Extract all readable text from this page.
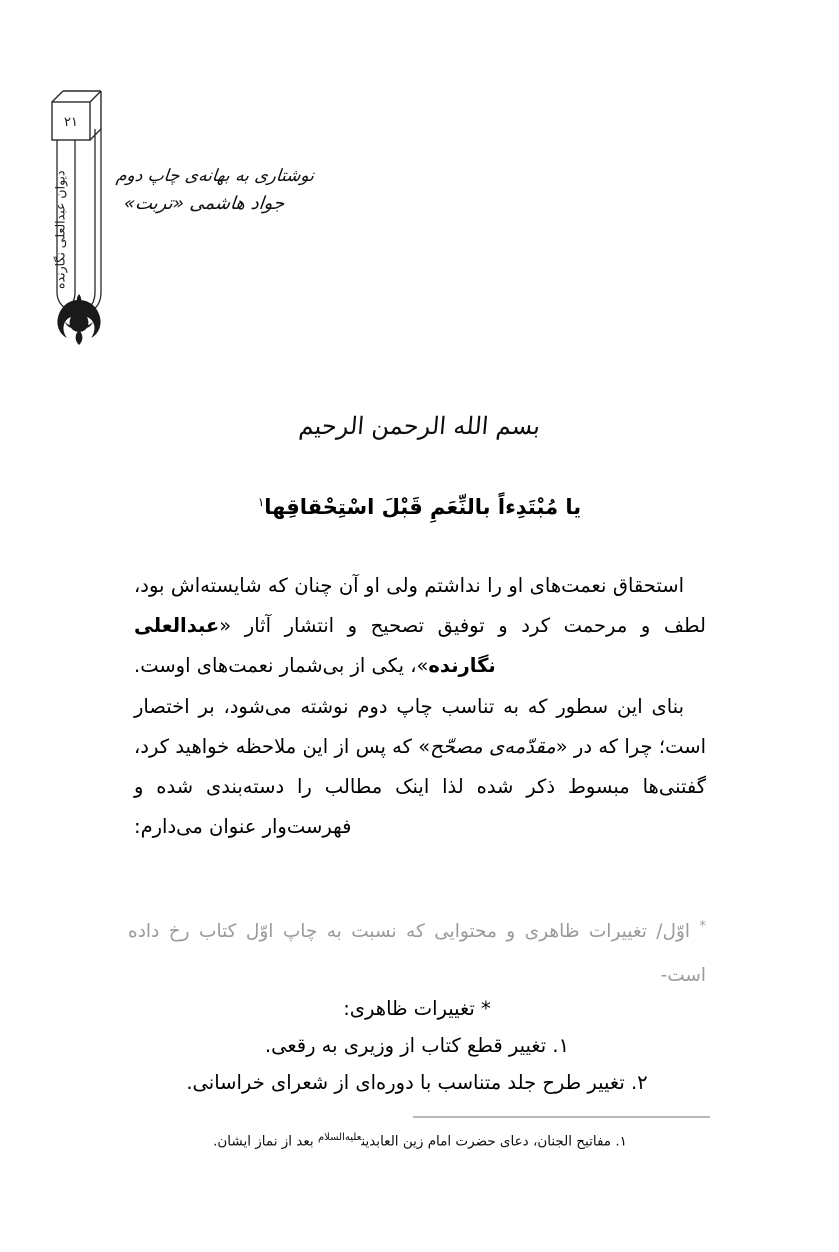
۲۱
دیوان عبدالعلی نگارنده	نوشتاری به بهانه‌ی چاپ دوم
جواد هاشمی «تربت»
بسم الله الرحمن الرحیم
یا مُبْتَدِءاً بالنِّعَمِ قَبْلَ اسْتِحْقاقِها$^۱$

استحقاق نعمت‌های او را نداشتم ولی او آن چنان که شایسته‌اش بود، لطف و مرحمت کرد و توفیق تصحیح و انتشار آثار «عبدالعلی نگارنده»، یکی از بی‌شمار نعمت‌های اوست.

بنای این سطور که به تناسب چاپ دوم نوشته می‌شود، بر اختصار است؛ چرا که در «مقدّمه‌ی مصحّح» که پس از این ملاحظه خواهید کرد، گفتنی‌ها مبسوط ذکر شده لذا اینک مطالب را دسته‌بندی شده و فهرست‌وار عنوان می‌دارم:

* اوّل/ تغییرات ظاهری و محتوایی که نسبت به چاپ اوّل کتاب رخ داده است-
* تغییرات ظاهری:
۱. تغییر قطع کتاب از وزیری به رقعی.
۲. تغییر طرح جلد متناسب با دوره‌ای از شعرای خراسانی.
۱. مفاتیح الجنان، دعای حضرت امام زین العابدین$^{علیه‌السلام}$ بعد از نماز ایشان.
